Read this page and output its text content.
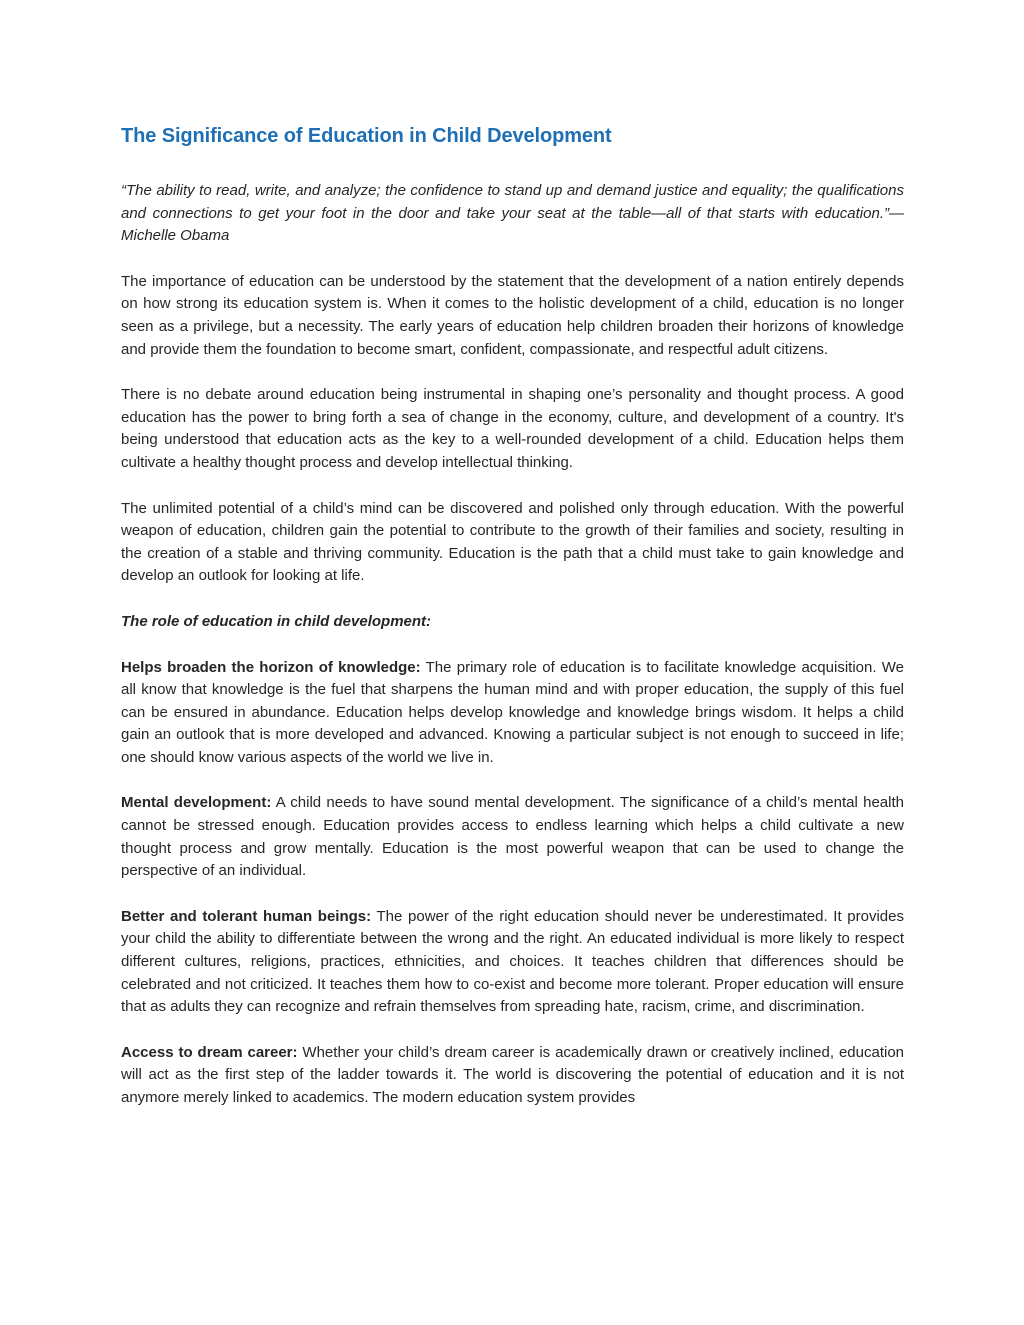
The Significance of Education in Child Development

“The ability to read, write, and analyze; the confidence to stand up and demand justice and equality; the qualifications and connections to get your foot in the door and take your seat at the table—all of that starts with education.”—Michelle Obama

The importance of education can be understood by the statement that the development of a nation entirely depends on how strong its education system is. When it comes to the holistic development of a child, education is no longer seen as a privilege, but a necessity. The early years of education help children broaden their horizons of knowledge and provide them the foundation to become smart, confident, compassionate, and respectful adult citizens.

There is no debate around education being instrumental in shaping one’s personality and thought process. A good education has the power to bring forth a sea of change in the economy, culture, and development of a country. It's being understood that education acts as the key to a well-rounded development of a child. Education helps them cultivate a healthy thought process and develop intellectual thinking.

The unlimited potential of a child’s mind can be discovered and polished only through education. With the powerful weapon of education, children gain the potential to contribute to the growth of their families and society, resulting in the creation of a stable and thriving community. Education is the path that a child must take to gain knowledge and develop an outlook for looking at life.

The role of education in child development:

Helps broaden the horizon of knowledge: The primary role of education is to facilitate knowledge acquisition. We all know that knowledge is the fuel that sharpens the human mind and with proper education, the supply of this fuel can be ensured in abundance. Education helps develop knowledge and knowledge brings wisdom. It helps a child gain an outlook that is more developed and advanced. Knowing a particular subject is not enough to succeed in life; one should know various aspects of the world we live in.

Mental development: A child needs to have sound mental development. The significance of a child’s mental health cannot be stressed enough. Education provides access to endless learning which helps a child cultivate a new thought process and grow mentally. Education is the most powerful weapon that can be used to change the perspective of an individual.

Better and tolerant human beings: The power of the right education should never be underestimated. It provides your child the ability to differentiate between the wrong and the right. An educated individual is more likely to respect different cultures, religions, practices, ethnicities, and choices. It teaches children that differences should be celebrated and not criticized. It teaches them how to co-exist and become more tolerant. Proper education will ensure that as adults they can recognize and refrain themselves from spreading hate, racism, crime, and discrimination.

Access to dream career: Whether your child’s dream career is academically drawn or creatively inclined, education will act as the first step of the ladder towards it. The world is discovering the potential of education and it is not anymore merely linked to academics. The modern education system provides
